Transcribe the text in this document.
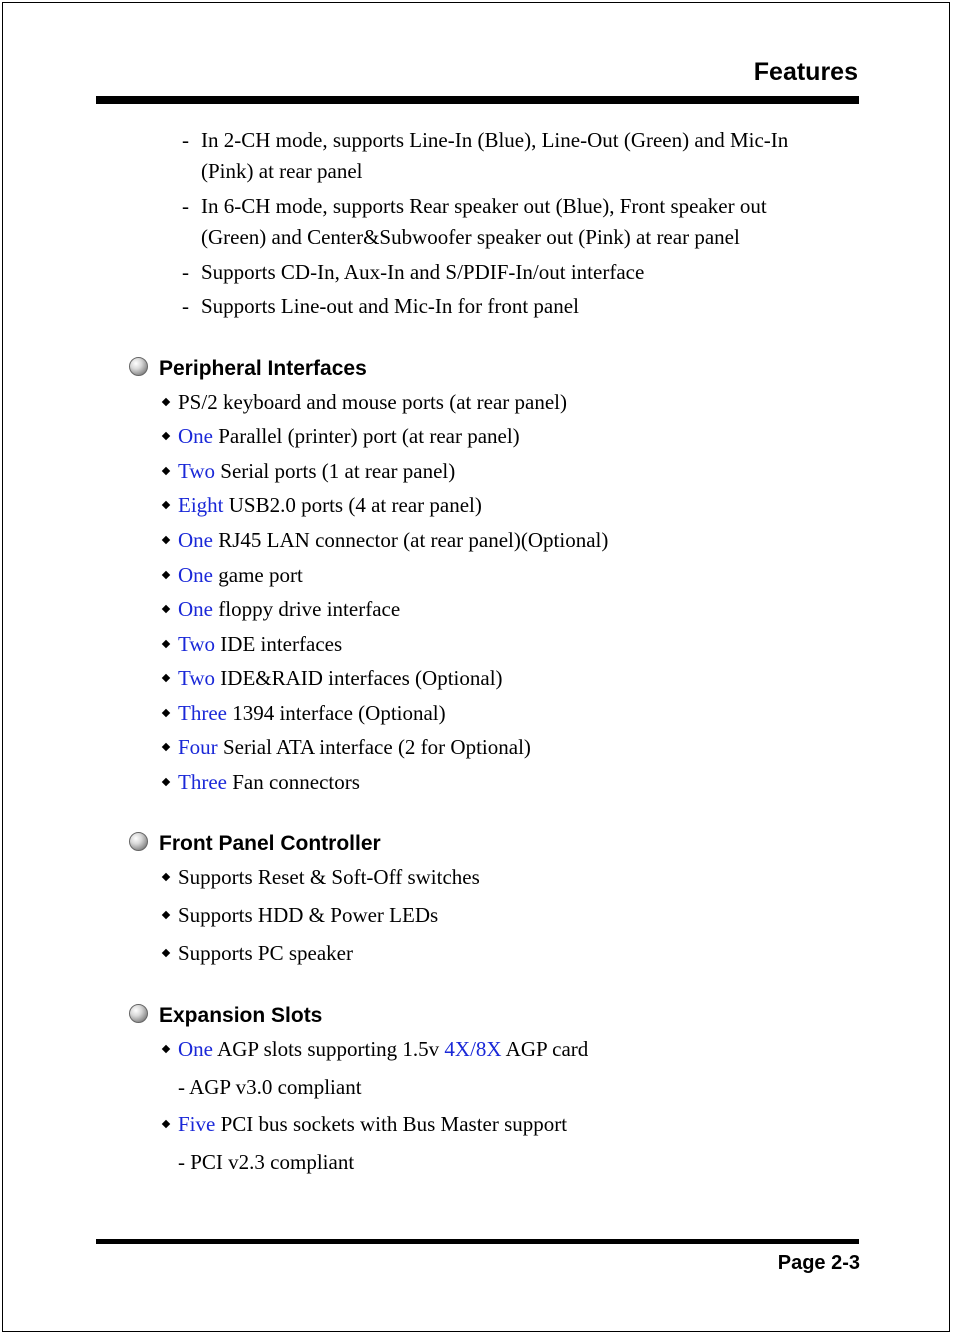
Features
- In 2-CH mode, supports Line-In (Blue), Line-Out (Green) and Mic-In
(Pink) at rear panel
- In 6-CH mode, supports Rear speaker out (Blue), Front speaker out
(Green) and Center&Subwoofer speaker out (Pink) at rear panel
- Supports CD-In, Aux-In and S/PDIF-In/out interface
- Supports Line-out and Mic-In for front panel
Peripheral Interfaces
PS/2 keyboard and mouse ports (at rear panel)
One Parallel (printer) port (at rear panel)
Two Serial ports (1 at rear panel)
Eight USB2.0 ports (4 at rear panel)
One RJ45 LAN connector (at rear panel)(Optional)
One game port
One floppy drive interface
Two IDE interfaces
Two IDE&RAID interfaces (Optional)
Three 1394 interface (Optional)
Four Serial ATA interface (2 for Optional)
Three Fan connectors
Front Panel Controller
Supports Reset & Soft-Off switches
Supports HDD & Power LEDs
Supports PC speaker
Expansion Slots
One AGP slots supporting 1.5v 4X/8X AGP card
- AGP v3.0 compliant
Five PCI bus sockets with Bus Master support
- PCI v2.3 compliant
Page 2-3
